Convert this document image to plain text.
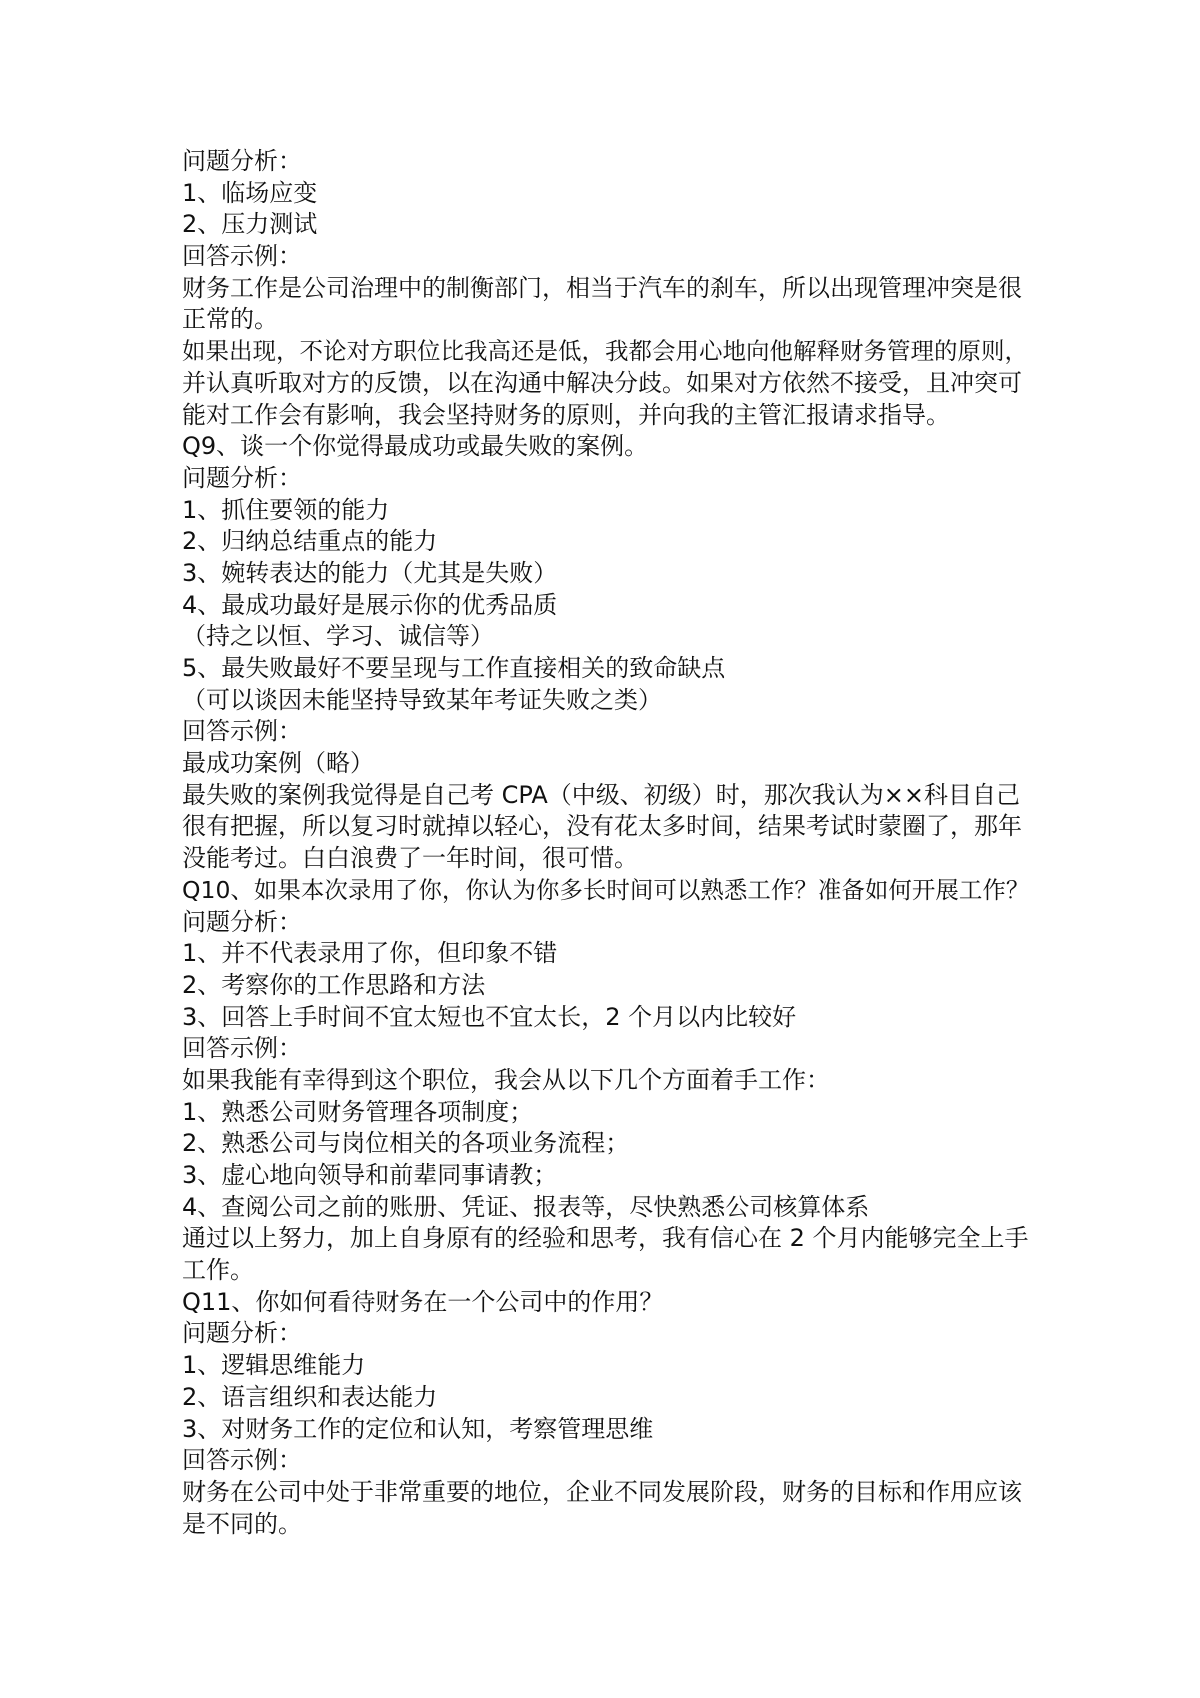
问题分析：
1、临场应变
2、压力测试
回答示例：
财务工作是公司治理中的制衡部门，相当于汽车的刹车，所以出现管理冲突是很
正常的。
如果出现，不论对方职位比我高还是低，我都会用心地向他解释财务管理的原则，
并认真听取对方的反馈，以在沟通中解决分歧。如果对方依然不接受，且冲突可
能对工作会有影响，我会坚持财务的原则，并向我的主管汇报请求指导。
Q9、谈一个你觉得最成功或最失败的案例。
问题分析：
1、抓住要领的能力
2、归纳总结重点的能力
3、婉转表达的能力（尤其是失败）
4、最成功最好是展示你的优秀品质
（持之以恒、学习、诚信等）
5、最失败最好不要呈现与工作直接相关的致命缺点
（可以谈因未能坚持导致某年考证失败之类）
回答示例：
最成功案例（略）
最失败的案例我觉得是自己考 CPA（中级、初级）时，那次我认为××科目自己
很有把握，所以复习时就掉以轻心，没有花太多时间，结果考试时蒙圈了，那年
没能考过。白白浪费了一年时间，很可惜。
Q10、如果本次录用了你，你认为你多长时间可以熟悉工作？准备如何开展工作？
问题分析：
1、并不代表录用了你，但印象不错
2、考察你的工作思路和方法
3、回答上手时间不宜太短也不宜太长，2 个月以内比较好
回答示例：
如果我能有幸得到这个职位，我会从以下几个方面着手工作：
1、熟悉公司财务管理各项制度；
2、熟悉公司与岗位相关的各项业务流程；
3、虚心地向领导和前辈同事请教；
4、查阅公司之前的账册、凭证、报表等，尽快熟悉公司核算体系
通过以上努力，加上自身原有的经验和思考，我有信心在 2 个月内能够完全上手
工作。
Q11、你如何看待财务在一个公司中的作用？
问题分析：
1、逻辑思维能力
2、语言组织和表达能力
3、对财务工作的定位和认知，考察管理思维
回答示例：
财务在公司中处于非常重要的地位，企业不同发展阶段，财务的目标和作用应该
是不同的。
